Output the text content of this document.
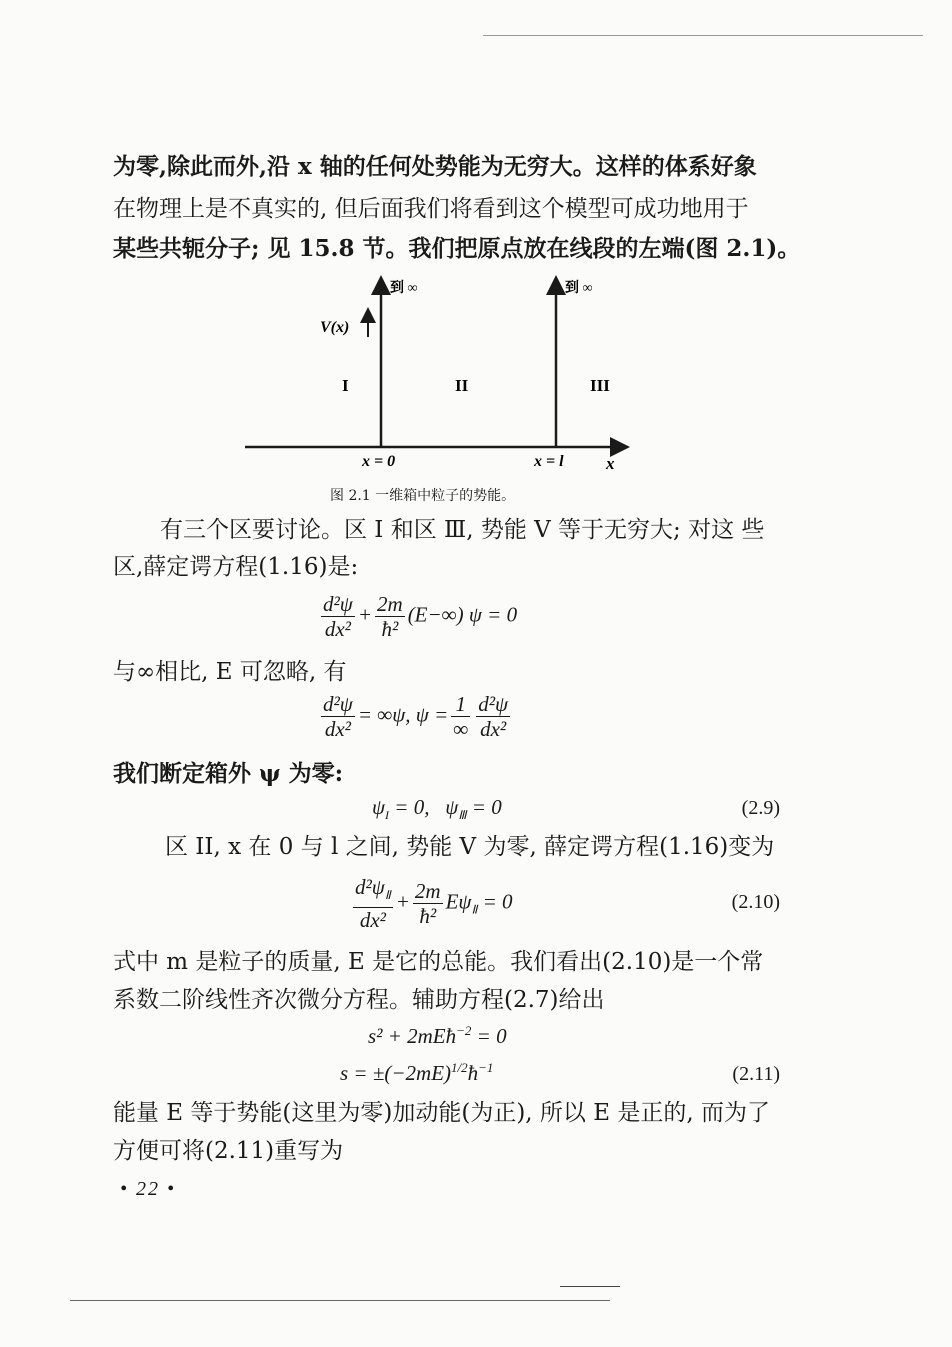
为零,除此而外,沿 x 轴的任何处势能为无穷大。这样的体系好象
在物理上是不真实的, 但后面我们将看到这个模型可成功地用于
某些共轭分子; 见 15.8 节。我们把原点放在线段的左端(图 2.1)。
V(x)
到 ∞	到 ∞
I	II	III
x = 0	x = l x
图 2.1 一维箱中粒子的势能。
有三个区要讨论。区 I 和区 Ⅲ, 势能 V 等于无穷大; 对这 些
区,薛定谔方程(1.16)是:
$\frac{\text{d²ψ}}{\text{dx²}} + \frac{2m}{\text{ħ²}} (E-\infty) \psi = 0$
与∞相比, E 可忽略, 有
$\frac{\text{d²ψ}}{\text{dx²}} = \infty\psi$, $\psi = \frac{1}{\infty} \frac{\text{d²ψ}}{\text{dx²}}$
我们断定箱外 ψ 为零:
$\psi_I = 0$,   $\psi_Ⅲ = 0$	(2.9)
区 II, x 在 0 与 l 之间, 势能 V 为零, 薛定谔方程(1.16)变为
$\frac{d^2\psi_Ⅱ}{\text{dx²}} + \frac{2m}{\text{ħ²}} E\psi_Ⅱ = 0$	(2.10)
式中 m 是粒子的质量, E 是它的总能。我们看出(2.10)是一个常
系数二阶线性齐次微分方程。辅助方程(2.7)给出
s² + 2mEħ$^{-2}$ = 0
$s = \pm(-2mE)^{1/2}ħ^{-1}$	(2.11)
能量 E 等于势能(这里为零)加动能(为正), 所以 E 是正的, 而为了
方便可将(2.11)重写为
• 22 •
